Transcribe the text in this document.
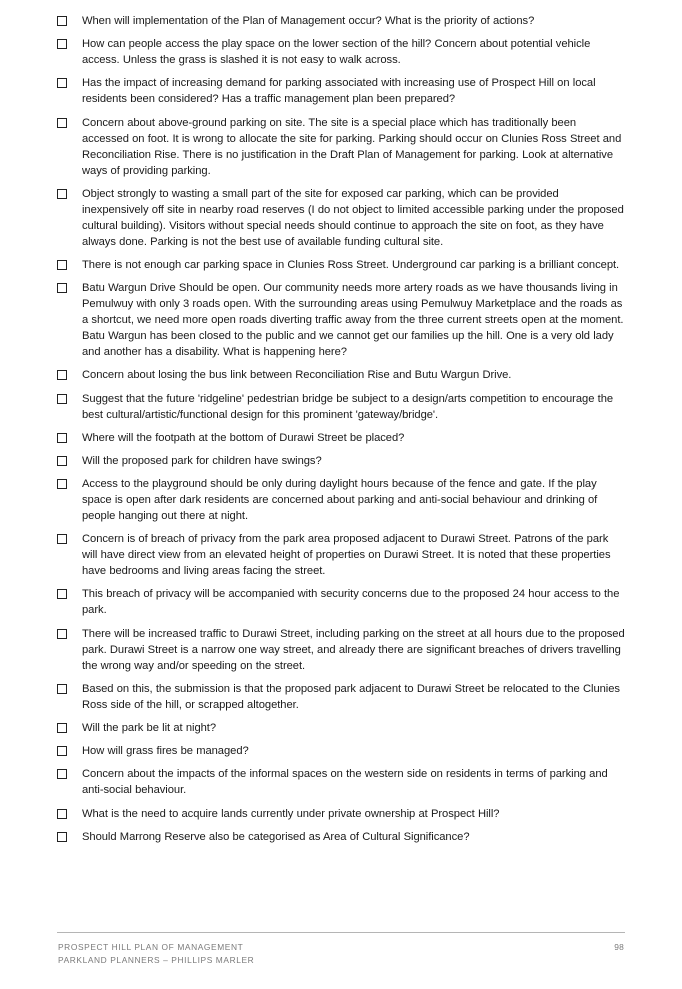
When will implementation of the Plan of Management occur? What is the priority of actions?
How can people access the play space on the lower section of the hill? Concern about potential vehicle access. Unless the grass is slashed it is not easy to walk across.
Has the impact of increasing demand for parking associated with increasing use of Prospect Hill on local residents been considered? Has a traffic management plan been prepared?
Concern about above-ground parking on site. The site is a special place which has traditionally been accessed on foot. It is wrong to allocate the site for parking. Parking should occur on Clunies Ross Street and Reconciliation Rise. There is no justification in the Draft Plan of Management for parking. Look at alternative ways of providing parking.
Object strongly to wasting a small part of the site for exposed car parking, which can be provided inexpensively off site in nearby road reserves (I do not object to limited accessible parking under the proposed cultural building). Visitors without special needs should continue to approach the site on foot, as they have always done. Parking is not the best use of available funding cultural site.
There is not enough car parking space in Clunies Ross Street. Underground car parking is a brilliant concept.
Batu Wargun Drive Should be open. Our community needs more artery roads as we have thousands living in Pemulwuy with only 3 roads open. With the surrounding areas using Pemulwuy Marketplace and the roads as a shortcut, we need more open roads diverting traffic away from the three current streets open at the moment. Batu Wargun has been closed to the public and we cannot get our families up the hill. One is a very old lady and another has a disability. What is happening here?
Concern about losing the bus link between Reconciliation Rise and Butu Wargun Drive.
Suggest that the future 'ridgeline' pedestrian bridge be subject to a design/arts competition to encourage the best cultural/artistic/functional design for this prominent 'gateway/bridge'.
Where will the footpath at the bottom of Durawi Street be placed?
Will the proposed park for children have swings?
Access to the playground should be only during daylight hours because of the fence and gate. If the play space is open after dark residents are concerned about parking and anti-social behaviour and drinking of people hanging out there at night.
Concern is of breach of privacy from the park area proposed adjacent to Durawi Street. Patrons of the park will have direct view from an elevated height of properties on Durawi Street. It is noted that these properties have bedrooms and living areas facing the street.
This breach of privacy will be accompanied with security concerns due to the proposed 24 hour access to the park.
There will be increased traffic to Durawi Street, including parking on the street at all hours due to the proposed park. Durawi Street is a narrow one way street, and already there are significant breaches of drivers travelling the wrong way and/or speeding on the street.
Based on this, the submission is that the proposed park adjacent to Durawi Street be relocated to the Clunies Ross side of the hill, or scrapped altogether.
Will the park be lit at night?
How will grass fires be managed?
Concern about the impacts of the informal spaces on the western side on residents in terms of parking and anti-social behaviour.
What is the need to acquire lands currently under private ownership at Prospect Hill?
Should Marrong Reserve also be categorised as Area of Cultural Significance?
PROSPECT HILL PLAN OF MANAGEMENT
PARKLAND PLANNERS – PHILLIPS MARLER
98
